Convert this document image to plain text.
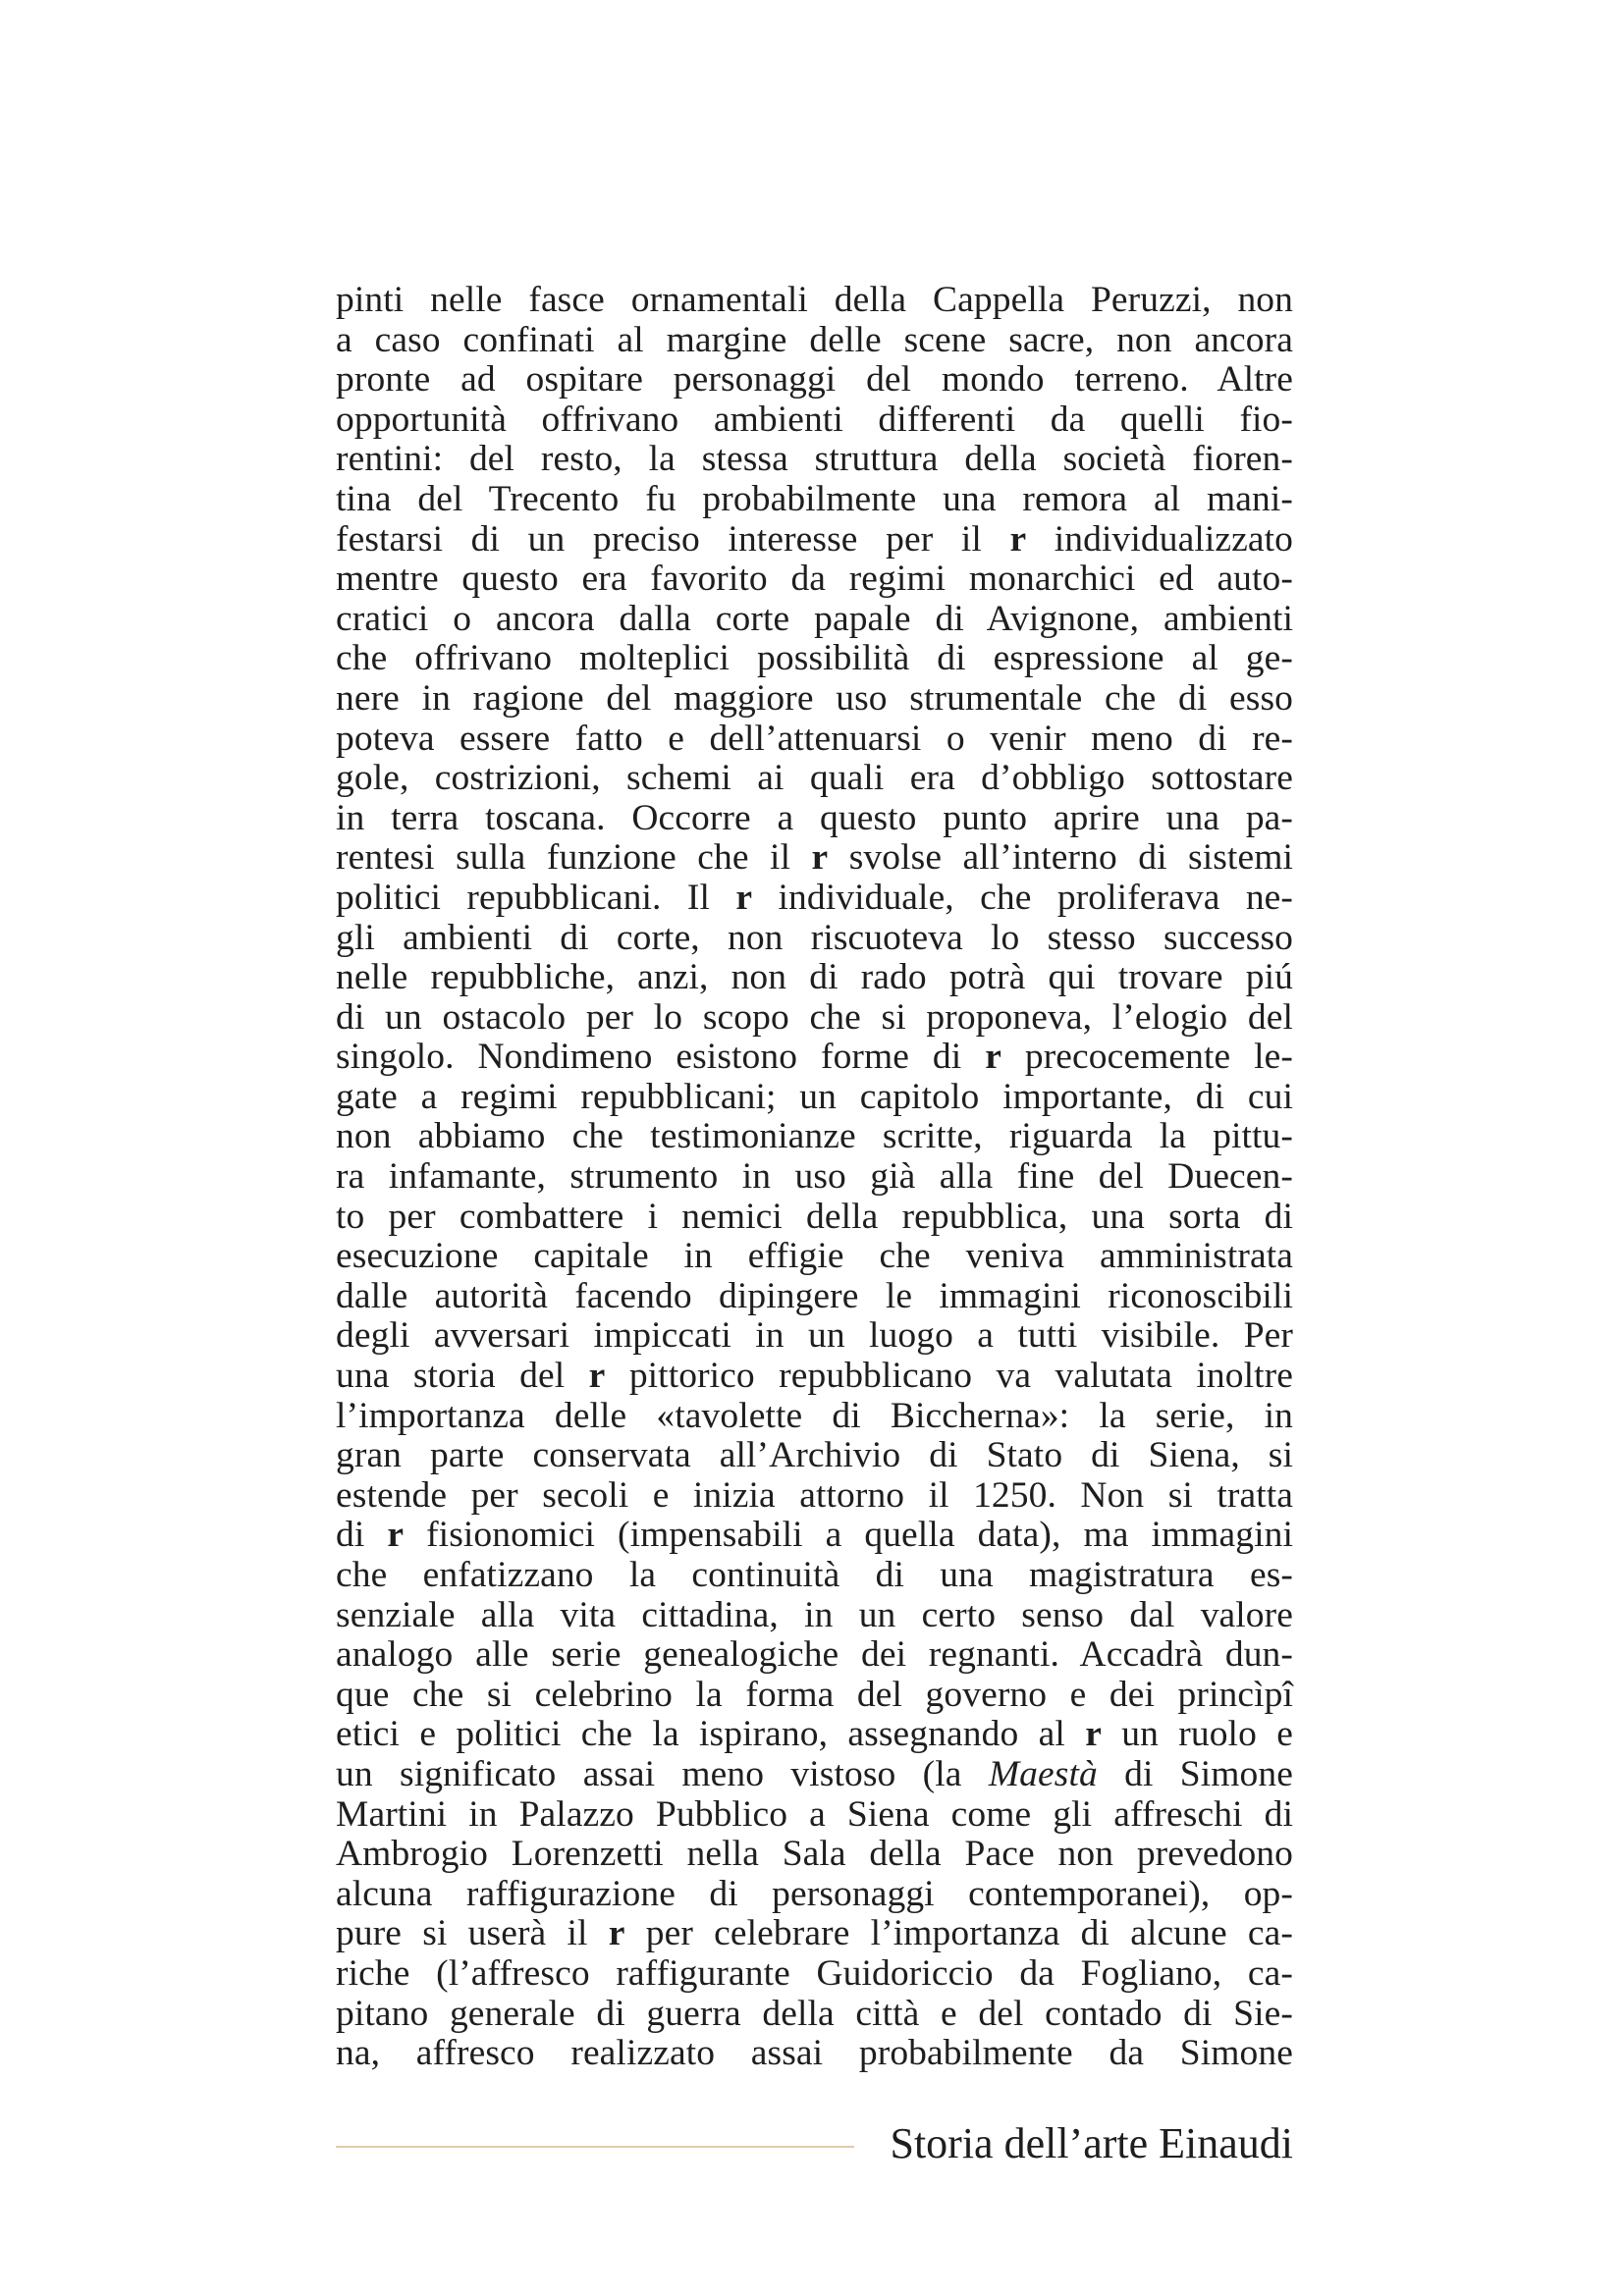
pinti nelle fasce ornamentali della Cappella Peruzzi, non
a caso confinati al margine delle scene sacre, non ancora
pronte ad ospitare personaggi del mondo terreno. Altre
opportunità offrivano ambienti differenti da quelli fio-
rentini: del resto, la stessa struttura della società fioren-
tina del Trecento fu probabilmente una remora al mani-
festarsi di un preciso interesse per il r individualizzato
mentre questo era favorito da regimi monarchici ed auto-
cratici o ancora dalla corte papale di Avignone, ambienti
che offrivano molteplici possibilità di espressione al ge-
nere in ragione del maggiore uso strumentale che di esso
poteva essere fatto e dell’attenuarsi o venir meno di re-
gole, costrizioni, schemi ai quali era d’obbligo sottostare
in terra toscana. Occorre a questo punto aprire una pa-
rentesi sulla funzione che il r svolse all’interno di sistemi
politici repubblicani. Il r individuale, che proliferava ne-
gli ambienti di corte, non riscuoteva lo stesso successo
nelle repubbliche, anzi, non di rado potrà qui trovare piú
di un ostacolo per lo scopo che si proponeva, l’elogio del
singolo. Nondimeno esistono forme di r precocemente le-
gate a regimi repubblicani; un capitolo importante, di cui
non abbiamo che testimonianze scritte, riguarda la pittu-
ra infamante, strumento in uso già alla fine del Duecen-
to per combattere i nemici della repubblica, una sorta di
esecuzione capitale in effigie che veniva amministrata
dalle autorità facendo dipingere le immagini riconoscibili
degli avversari impiccati in un luogo a tutti visibile. Per
una storia del r pittorico repubblicano va valutata inoltre
l’importanza delle «tavolette di Biccherna»: la serie, in
gran parte conservata all’Archivio di Stato di Siena, si
estende per secoli e inizia attorno il 1250. Non si tratta
di r fisionomici (impensabili a quella data), ma immagini
che enfatizzano la continuità di una magistratura es-
senziale alla vita cittadina, in un certo senso dal valore
analogo alle serie genealogiche dei regnanti. Accadrà dun-
que che si celebrino la forma del governo e dei princìpî
etici e politici che la ispirano, assegnando al r un ruolo e
un significato assai meno vistoso (la Maestà di Simone
Martini in Palazzo Pubblico a Siena come gli affreschi di
Ambrogio Lorenzetti nella Sala della Pace non prevedono
alcuna raffigurazione di personaggi contemporanei), op-
pure si userà il r per celebrare l’importanza di alcune ca-
riche (l’affresco raffigurante Guidoriccio da Fogliano, ca-
pitano generale di guerra della città e del contado di Sie-
na, affresco realizzato assai probabilmente da Simone
Storia dell’arte Einaudi
